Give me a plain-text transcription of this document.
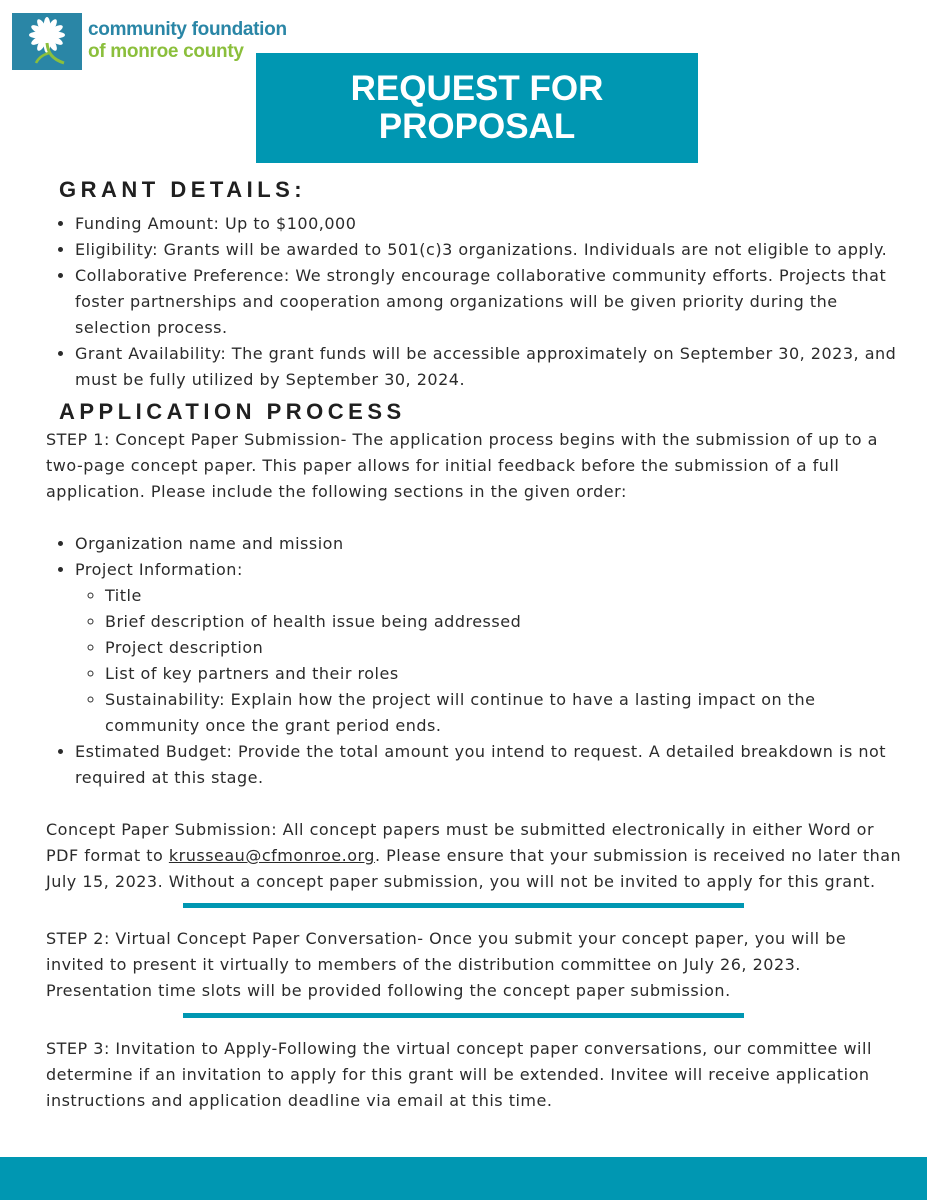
community foundation
of monroe county
REQUEST FOR PROPOSAL
GRANT DETAILS:
• Funding Amount: Up to $100,000
• Eligibility: Grants will be awarded to 501(c)3 organizations. Individuals are not eligible to apply.
• Collaborative Preference: We strongly encourage collaborative community efforts. Projects that foster partnerships and cooperation among organizations will be given priority during the selection process.
• Grant Availability: The grant funds will be accessible approximately on September 30, 2023, and must be fully utilized by September 30, 2024.
APPLICATION PROCESS

STEP 1: Concept Paper Submission- The application process begins with the submission of up to a two-page concept paper. This paper allows for initial feedback before the submission of a full application. Please include the following sections in the given order:

• Organization name and mission
• Project Information:
◦ Title
◦ Brief description of health issue being addressed
◦ Project description
◦ List of key partners and their roles
◦ Sustainability: Explain how the project will continue to have a lasting impact on the community once the grant period ends.
• Estimated Budget: Provide the total amount you intend to request. A detailed breakdown is not required at this stage.

Concept Paper Submission: All concept papers must be submitted electronically in either Word or PDF format to krusseau@cfmonroe.org. Please ensure that your submission is received no later than July 15, 2023. Without a concept paper submission, you will not be invited to apply for this grant.

STEP 2: Virtual Concept Paper Conversation- Once you submit your concept paper, you will be invited to present it virtually to members of the distribution committee on July 26, 2023. Presentation time slots will be provided following the concept paper submission.

STEP 3: Invitation to Apply-Following the virtual concept paper conversations, our committee will determine if an invitation to apply for this grant will be extended. Invitee will receive application instructions and application deadline via email at this time.
